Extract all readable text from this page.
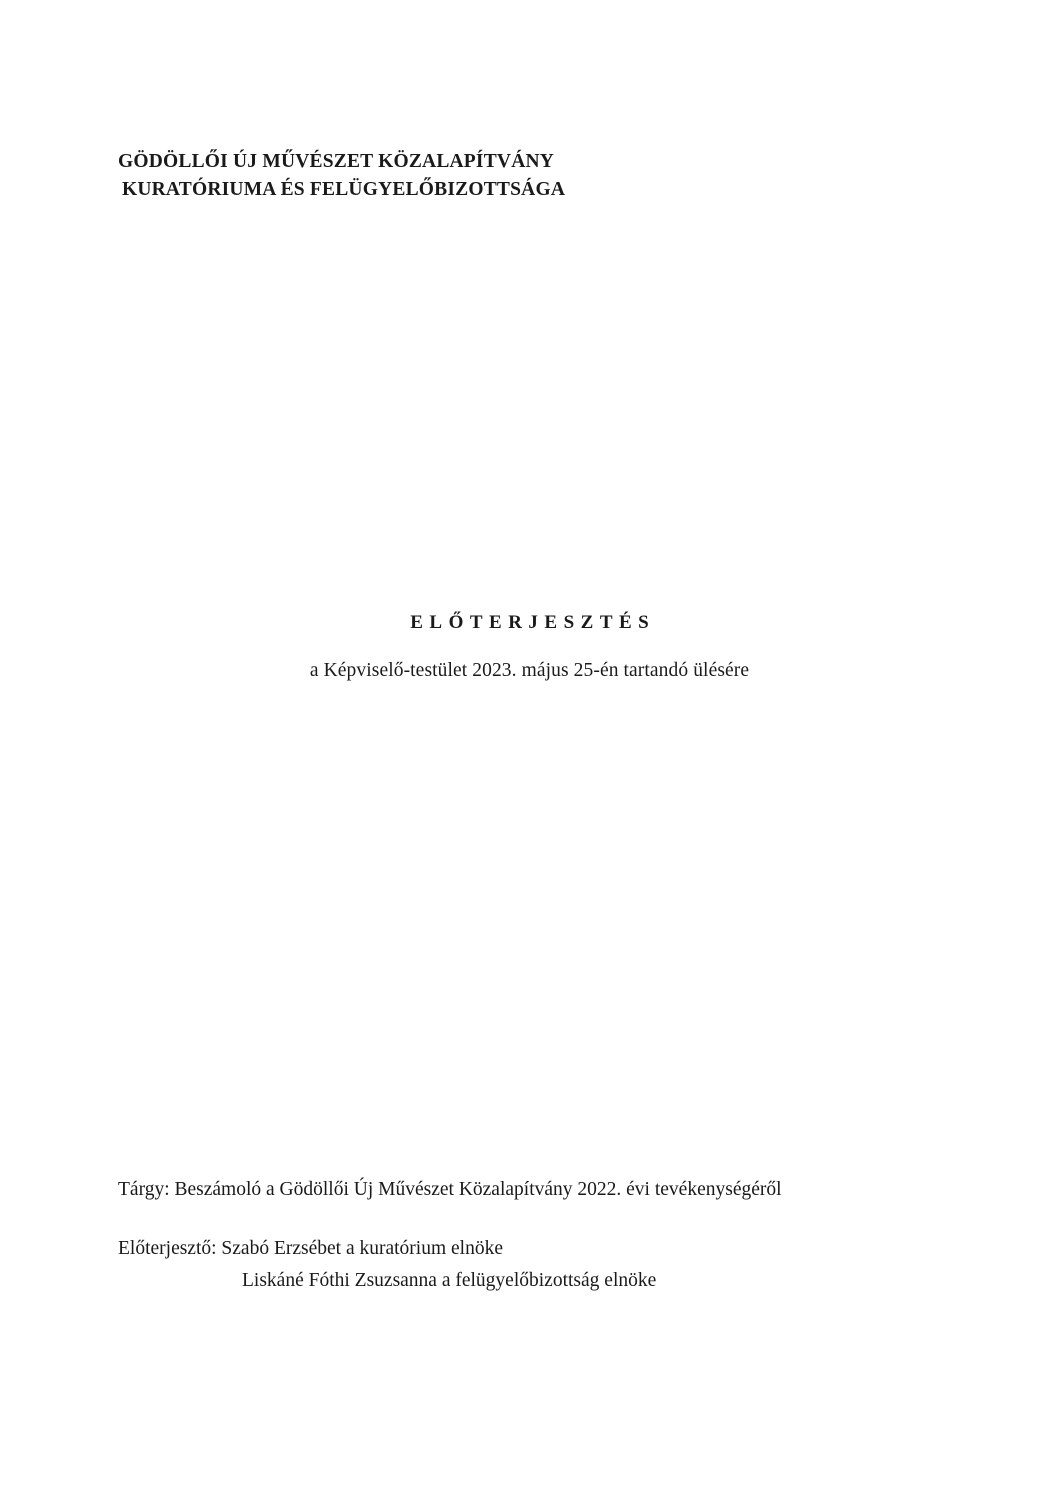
GÖDÖLLŐI ÚJ MŰVÉSZET KÖZALAPÍTVÁNY
KURATÓRIUMA ÉS FELÜGYELŐBIZOTTSÁGA
ELŐTERJESZTÉS
a Képviselő-testület 2023. május 25-én tartandó ülésére
Tárgy: Beszámoló a Gödöllői Új Művészet Közalapítvány 2022. évi tevékenységéről
Előterjesztő: Szabó Erzsébet a kuratórium elnöke
Liskáné Fóthi Zsuzsanna a felügyelőbizottság elnöke
